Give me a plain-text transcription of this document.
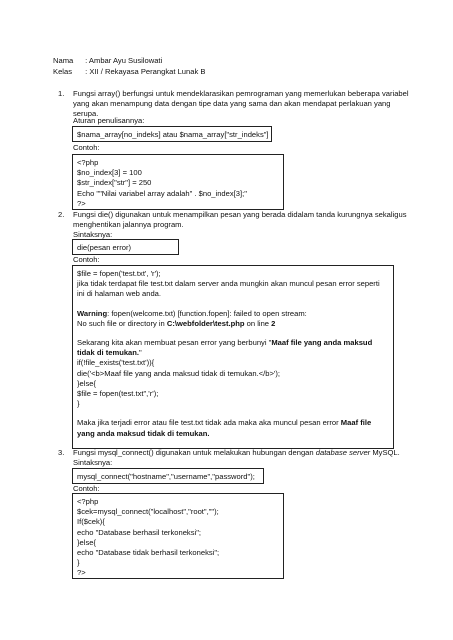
Nama : Ambar Ayu Susilowati
Kelas : XII / Rekayasa Perangkat Lunak B
1. Fungsi array() berfungsi untuk mendeklarasikan pemrograman yang memerlukan beberapa variabel yang akan menampung data dengan tipe data yang sama dan akan mendapat perlakuan yang serupa.
Aturan penulisannya:
$nama_array[no_indeks] atau $nama_array["str_indeks"]
Contoh:
<?php
$no_index[3] = 100
$str_index["str"] = 250
Echo ""Nilai variabel array adalah" . $no_index[3];"
?>
2. Fungsi die() digunakan untuk menampilkan pesan yang berada didalam tanda kurungnya sekaligus menghentikan jalannya program.
Sintaksnya:
die(pesan error)
Contoh:
$file = fopen('test.txt', 'r');
jika tidak terdapat file test.txt dalam server anda mungkin akan muncul pesan error seperti ini di halaman web anda.
Warning: fopen(welcome.txt) [function.fopen]: failed to open stream:
No such file or directory in C:\webfolder\test.php on line 2
Sekarang kita akan membuat pesan error yang berbunyi "Maaf file yang anda maksud tidak di temukan."
if(!file_exists('test.txt')){
die('<b>Maaf file yang anda maksud tidak di temukan.</b>');
}else{
$file = fopen(test.txt",'r');
}
Maka jika terjadi error atau file test.txt tidak ada maka aka muncul pesan error Maaf file yang anda maksud tidak di temukan.
3. Fungsi mysql_connect() digunakan untuk melakukan hubungan dengan database server MySQL.
Sintaksnya:
mysql_connect("hostname","username","password");
Contoh:
<?php
$cek=mysql_connect("localhost","root","");
If($cek){
echo "Database berhasil terkoneksi";
}else{
echo "Database tidak berhasil terkoneksi";
}
?>
